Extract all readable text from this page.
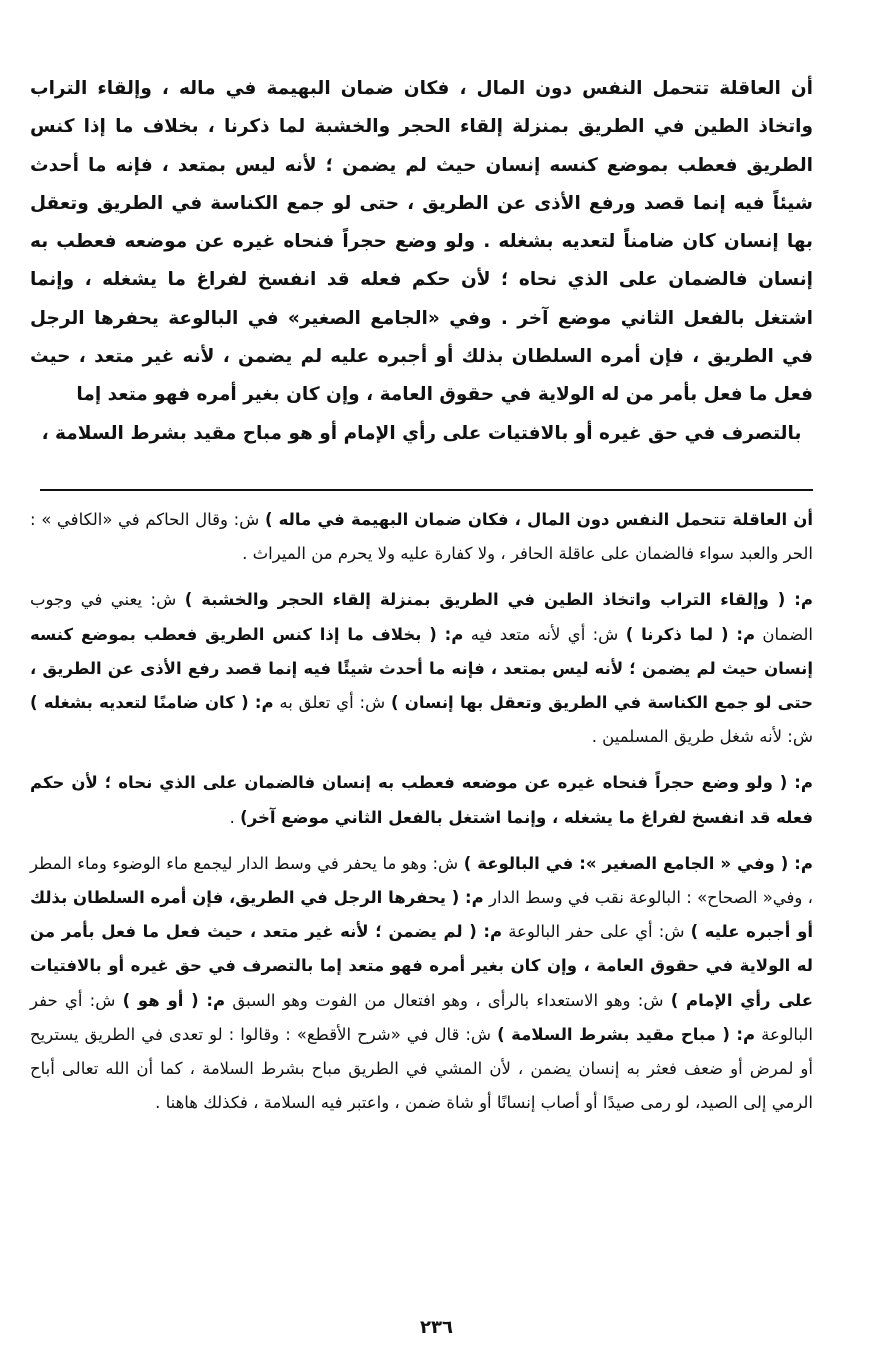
أن العاقلة تتحمل النفس دون المال ، فكان ضمان البهيمة في ماله ، وإلقاء التراب واتخاذ الطين في الطريق بمنزلة إلقاء الحجر والخشبة لما ذكرنا ، بخلاف ما إذا كنس الطريق فعطب بموضع كنسه إنسان حيث لم يضمن ؛ لأنه ليس بمتعد ، فإنه ما أحدث شيئاً فيه إنما قصد ورفع الأذى عن الطريق ، حتى لو جمع الكناسة في الطريق وتعقل بها إنسان كان ضامناً لتعديه بشغله . ولو وضع حجراً فنحاه غيره عن موضعه فعطب به إنسان فالضمان على الذي نحاه ؛ لأن حكم فعله قد انفسخ لفراغ ما يشغله ، وإنما اشتغل بالفعل الثاني موضع آخر . وفي «الجامع الصغير» في البالوعة يحفرها الرجل في الطريق ، فإن أمره السلطان بذلك أو أجبره عليه لم يضمن ، لأنه غير متعد ، حيث فعل ما فعل بأمر من له الولاية في حقوق العامة ، وإن كان بغير أمره فهو متعد إما
بالتصرف في حق غيره أو بالافتيات على رأي الإمام أو هو مباح مقيد بشرط السلامة ،

أن العاقلة تتحمل النفس دون المال ، فكان ضمان البهيمة في ماله ) ش: وقال الحاكم في «الكافي » : الحر والعبد سواء فالضمان على عاقلة الحافر ، ولا كفارة عليه ولا يحرم من الميراث .

م: ( وإلقاء التراب واتخاذ الطين في الطريق بمنزلة إلقاء الحجر والخشبة ) ش: يعني في وجوب الضمان م: ( لما ذكرنا ) ش: أي لأنه متعد فيه م: ( بخلاف ما إذا كنس الطريق فعطب بموضع كنسه إنسان حيث لم يضمن ؛ لأنه ليس بمتعد ، فإنه ما أحدث شيئًا فيه إنما قصد رفع الأذى عن الطريق ، حتى لو جمع الكناسة في الطريق وتعقل بها إنسان ) ش: أي تعلق به م: ( كان ضامنًا لتعديه بشغله ) ش: لأنه شغل طريق المسلمين .

م: ( ولو وضع حجراً فنحاه غيره عن موضعه فعطب به إنسان فالضمان على الذي نحاه ؛ لأن حكم فعله قد انفسخ لفراغ ما يشغله ، وإنما اشتغل بالفعل الثاني موضع آخر) .

م: ( وفي « الجامع الصغير »: في البالوعة ) ش: وهو ما يحفر في وسط الدار ليجمع ماء الوضوء وماء المطر ، وفي« الصحاح» : البالوعة نقب في وسط الدار م: ( يحفرها الرجل في الطريق، فإن أمره السلطان بذلك أو أجبره عليه ) ش: أي على حفر البالوعة م: ( لم يضمن ؛ لأنه غير متعد ، حيث فعل ما فعل بأمر من له الولاية في حقوق العامة ، وإن كان بغير أمره فهو متعد إما بالتصرف في حق غيره أو بالافتيات على رأي الإمام ) ش: وهو الاستعداء بالرأى ، وهو افتعال من الفوت وهو السبق م: ( أو هو ) ش: أي حفر البالوعة م: ( مباح مقيد بشرط السلامة ) ش: قال في «شرح الأقطع» : وقالوا : لو تعدى في الطريق يستريح أو لمرض أو ضعف فعثر به إنسان يضمن ، لأن المشي في الطريق مباح بشرط السلامة ، كما أن الله تعالى أباح الرمي إلى الصيد، لو رمى صيدًا أو أصاب إنسانًا أو شاة ضمن ، واعتبر فيه السلامة ، فكذلك هاهنا .

٢٣٦
